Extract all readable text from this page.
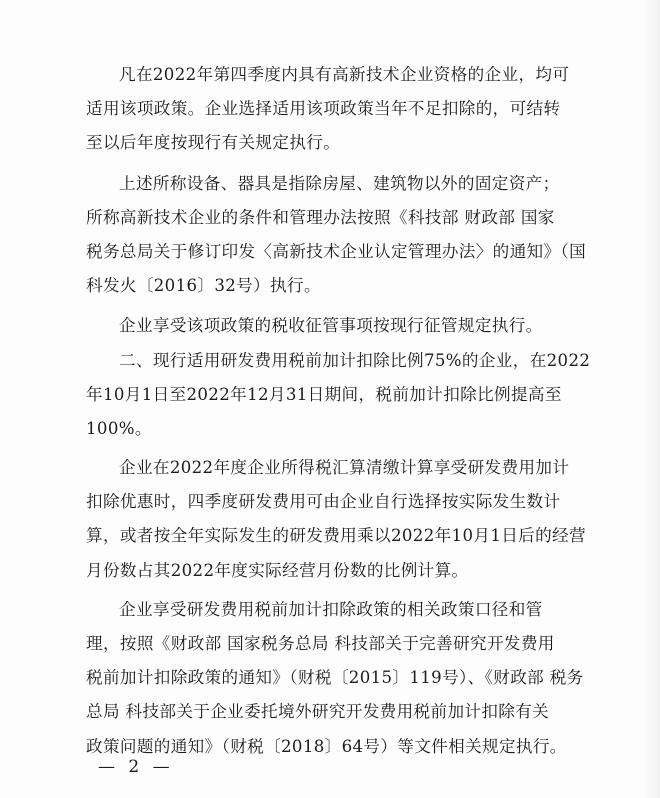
凡在2022年第四季度内具有高新技术企业资格的企业，均可
适用该项政策。企业选择适用该项政策当年不足扣除的，可结转
至以后年度按现行有关规定执行。
上述所称设备、器具是指除房屋、建筑物以外的固定资产；
所称高新技术企业的条件和管理办法按照《科技部 财政部 国家
税务总局关于修订印发〈高新技术企业认定管理办法〉的通知》（国
科发火〔2016〕32号）执行。
企业享受该项政策的税收征管事项按现行征管规定执行。
二、现行适用研发费用税前加计扣除比例75%的企业，在2022
年10月1日至2022年12月31日期间，税前加计扣除比例提高至
100%。
企业在2022年度企业所得税汇算清缴计算享受研发费用加计
扣除优惠时，四季度研发费用可由企业自行选择按实际发生数计
算，或者按全年实际发生的研发费用乘以2022年10月1日后的经营
月份数占其2022年度实际经营月份数的比例计算。
企业享受研发费用税前加计扣除政策的相关政策口径和管
理，按照《财政部 国家税务总局 科技部关于完善研究开发费用
税前加计扣除政策的通知》（财税〔2015〕119号）、《财政部 税务
总局 科技部关于企业委托境外研究开发费用税前加计扣除有关
政策问题的通知》（财税〔2018〕64号）等文件相关规定执行。
— 2 —
